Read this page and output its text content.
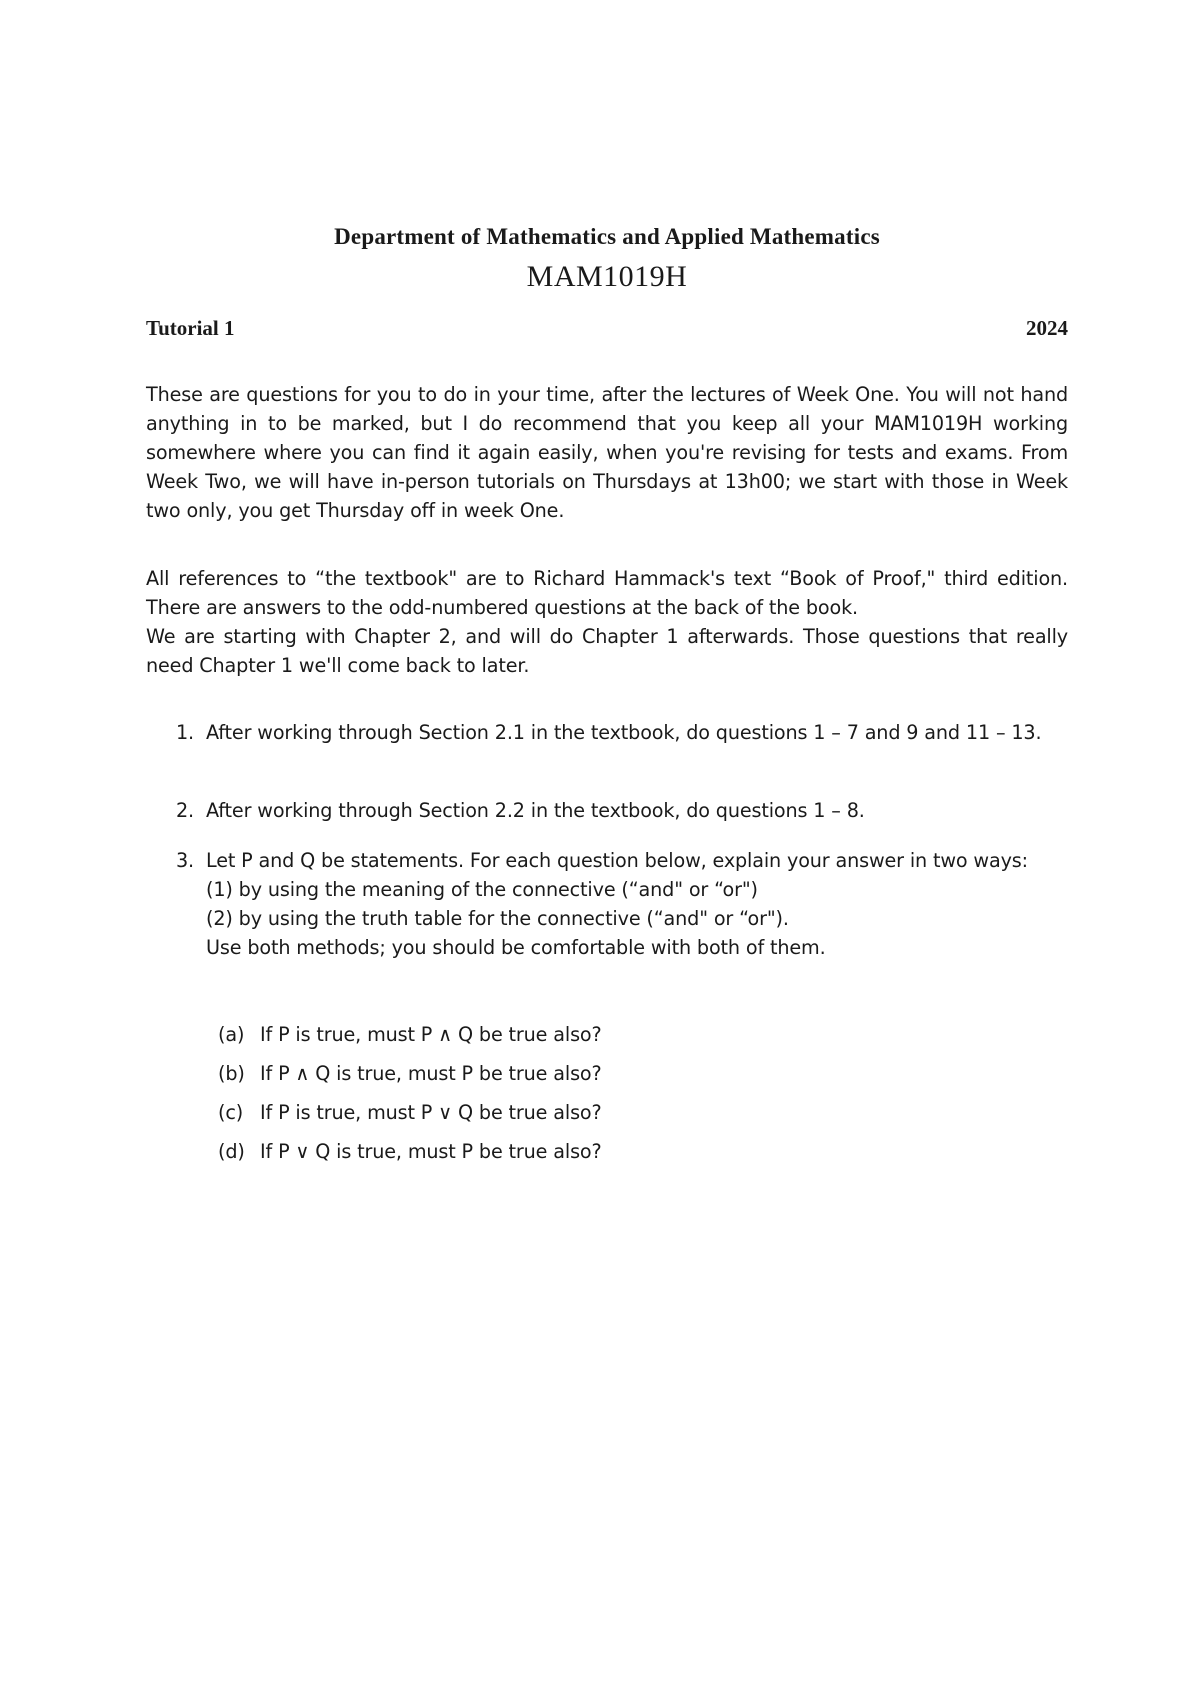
Department of Mathematics and Applied Mathematics
MAM1019H
Tutorial 1	2024
These are questions for you to do in your time, after the lectures of Week One. You will not hand anything in to be marked, but I do recommend that you keep all your MAM1019H working somewhere where you can find it again easily, when you're revising for tests and exams. From Week Two, we will have in-person tutorials on Thursdays at 13h00; we start with those in Week two only, you get Thursday off in week One.
All references to “the textbook" are to Richard Hammack's text “Book of Proof," third edition. There are answers to the odd-numbered questions at the back of the book.
We are starting with Chapter 2, and will do Chapter 1 afterwards. Those questions that really need Chapter 1 we'll come back to later.
1. After working through Section 2.1 in the textbook, do questions 1 – 7 and 9 and 11 – 13.
2. After working through Section 2.2 in the textbook, do questions 1 – 8.
3. Let P and Q be statements. For each question below, explain your answer in two ways:
(1) by using the meaning of the connective (“and" or “or")
(2) by using the truth table for the connective (“and" or “or").
Use both methods; you should be comfortable with both of them.
(a) If P is true, must P ∧ Q be true also?
(b) If P ∧ Q is true, must P be true also?
(c) If P is true, must P ∨ Q be true also?
(d) If P ∨ Q is true, must P be true also?
